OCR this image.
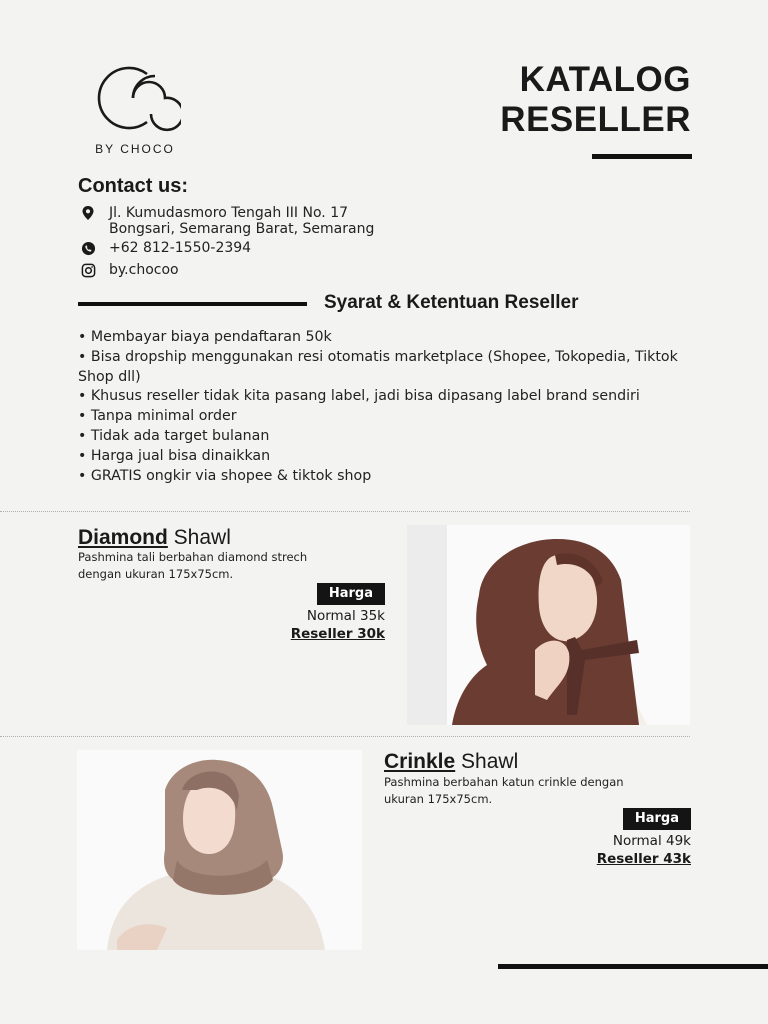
BY CHOCO
KATALOG
RESELLER
Contact us:
Jl. Kumudasmoro Tengah III No. 17
Bongsari, Semarang Barat, Semarang
+62 812-1550-2394
by.chocoo
Syarat & Ketentuan Reseller
• Membayar biaya pendaftaran 50k
• Bisa dropship menggunakan resi otomatis marketplace (Shopee, Tokopedia, Tiktok Shop dll)
• Khusus reseller tidak kita pasang label, jadi bisa dipasang label brand sendiri
• Tanpa minimal order
• Tidak ada target bulanan
• Harga jual bisa dinaikkan
• GRATIS ongkir via shopee & tiktok shop
Diamond Shawl
Pashmina tali berbahan diamond strech
dengan ukuran 175x75cm.
Harga
Normal 35k
Reseller 30k
Crinkle Shawl
Pashmina berbahan katun crinkle dengan
ukuran 175x75cm.
Harga
Normal 49k
Reseller 43k
